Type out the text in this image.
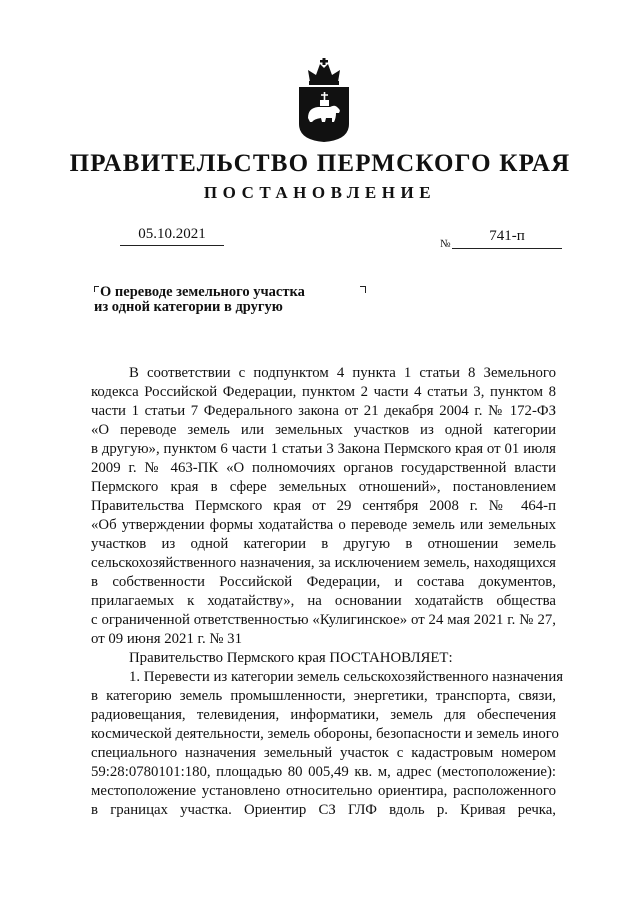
ПРАВИТЕЛЬСТВО ПЕРМСКОГО КРАЯ
ПОСТАНОВЛЕНИЕ
05.10.2021
№	741-п
О переводе земельного участка
из одной категории в другую
В соответствии с подпунктом 4 пункта 1 статьи 8 Земельного
кодекса Российской Федерации, пунктом 2 части 4 статьи 3, пунктом 8
части 1 статьи 7 Федерального закона от 21 декабря 2004 г. № 172-ФЗ
«О переводе земель или земельных участков из одной категории
в другую», пунктом 6 части 1 статьи 3 Закона Пермского края от 01 июля
2009 г. № 463-ПК «О полномочиях органов государственной власти
Пермского края в сфере земельных отношений», постановлением
Правительства Пермского края от 29 сентября 2008 г. № 464-п
«Об утверждении формы ходатайства о переводе земель или земельных
участков из одной категории в другую в отношении земель
сельскохозяйственного назначения, за исключением земель, находящихся
в собственности Российской Федерации, и состава документов,
прилагаемых к ходатайству», на основании ходатайств общества
с ограниченной ответственностью «Кулигинское» от 24 мая 2021 г. № 27,
от 09 июня 2021 г. № 31
Правительство Пермского края ПОСТАНОВЛЯЕТ:
1. Перевести из категории земель сельскохозяйственного назначения
в категорию земель промышленности, энергетики, транспорта, связи,
радиовещания, телевидения, информатики, земель для обеспечения
космической деятельности, земель обороны, безопасности и земель иного
специального назначения земельный участок с кадастровым номером
59:28:0780101:180, площадью 80 005,49 кв. м, адрес (местоположение):
местоположение установлено относительно ориентира, расположенного
в границах участка. Ориентир СЗ ГЛФ вдоль р. Кривая речка,
